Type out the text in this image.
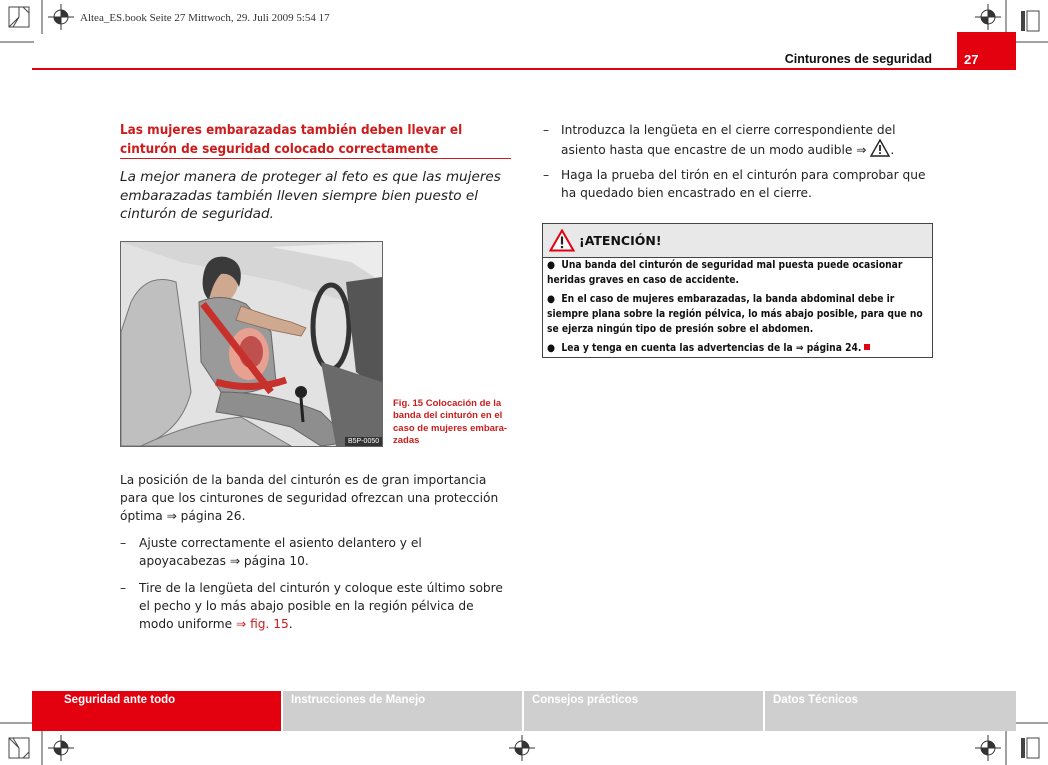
Altea_ES.book Seite 27 Mittwoch, 29. Juli 2009 5:54 17
Cinturones de seguridad	27
Las mujeres embarazadas también deben llevar el cinturón de seguridad colocado correctamente

La mejor manera de proteger al feto es que las mujeres embarazadas también lleven siempre bien puesto el cinturón de seguridad.

B5P-0050
Fig. 15 Colocación de la banda del cinturón en el caso de mujeres embara-zadas
La posición de la banda del cinturón es de gran importancia para que los cinturones de seguridad ofrezcan una protección óptima ⇒ página 26.
– Ajuste correctamente el asiento delantero y el apoyacabezas ⇒ página 10.
– Tire de la lengüeta del cinturón y coloque este último sobre el pecho y lo más abajo posible en la región pélvica de modo uniforme ⇒ fig. 15.
– Introduzca la lengüeta en el cierre correspondiente del asiento hasta que encastre de un modo audible ⇒ .
– Haga la prueba del tirón en el cinturón para comprobar que ha quedado bien encastrado en el cierre.
¡ATENCIÓN!
● Una banda del cinturón de seguridad mal puesta puede ocasionar heridas graves en caso de accidente.
● En el caso de mujeres embarazadas, la banda abdominal debe ir siempre plana sobre la región pélvica, lo más abajo posible, para que no se ejerza ningún tipo de presión sobre el abdomen.
● Lea y tenga en cuenta las advertencias de la ⇒ página 24.
Seguridad ante todo	Instrucciones de Manejo	Consejos prácticos	Datos Técnicos
